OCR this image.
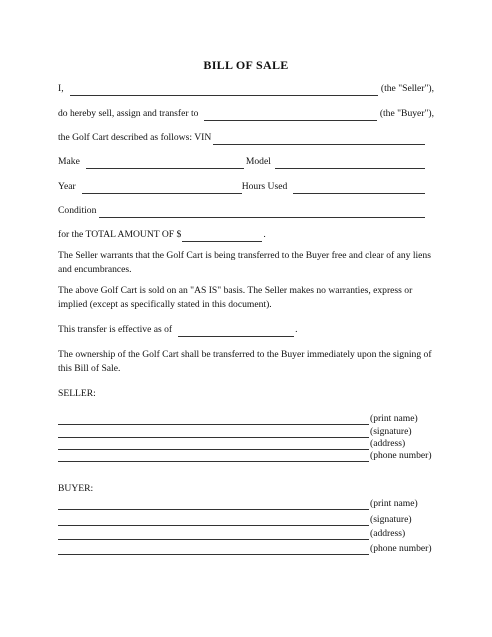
BILL OF SALE
I,	(the "Seller"),
do hereby sell, assign and transfer to	(the "Buyer"),
the Golf Cart described as follows: VIN
Make	Model
Year	Hours Used
Condition
for the TOTAL AMOUNT OF $	.
The Seller warrants that the Golf Cart is being transferred to the Buyer free and clear of any liens and encumbrances.
The above Golf Cart is sold on an "AS IS" basis. The Seller makes no warranties, express or implied (except as specifically stated in this document).
This transfer is effective as of	.
The ownership of the Golf Cart shall be transferred to the Buyer immediately upon the signing of this Bill of Sale.
SELLER:
(print name)
(signature)
(address)
(phone number)
BUYER:
(print name)
(signature)
(address)
(phone number)
